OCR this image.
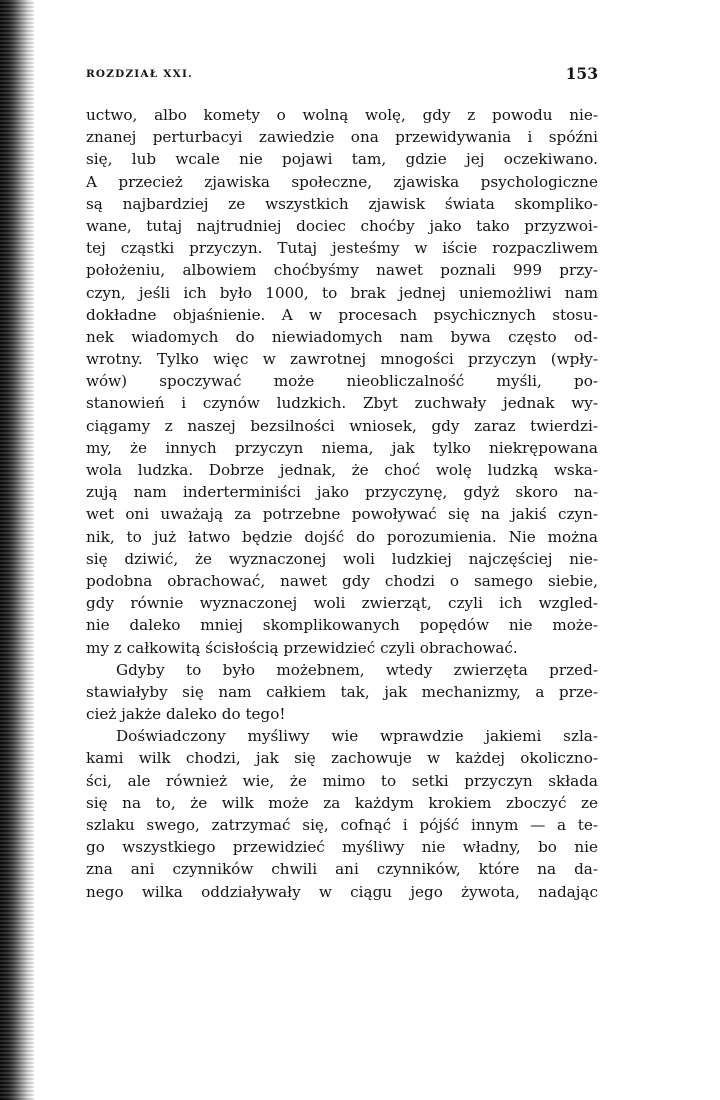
ROZDZIAŁ XXI.	153
uctwo, albo komety o wolną wolę, gdy z powodu nie-
znanej perturbacyi zawiedzie ona przewidywania i spóźni
się, lub wcale nie pojawi tam, gdzie jej oczekiwano.
A przecież zjawiska społeczne, zjawiska psychologiczne
są najbardziej ze wszystkich zjawisk świata skompliko-
wane, tutaj najtrudniej dociec choćby jako tako przyzwoi-
tej cząstki przyczyn. Tutaj jesteśmy w iście rozpaczliwem
położeniu, albowiem choćbyśmy nawet poznali 999 przy-
czyn, jeśli ich było 1000, to brak jednej uniemożliwi nam
dokładne objaśnienie. A w procesach psychicznych stosu-
nek wiadomych do niewiadomych nam bywa często od-
wrotny. Tylko więc w zawrotnej mnogości przyczyn (wpły-
wów) spoczywać może nieobliczalność myśli, po-
stanowień i czynów ludzkich. Zbyt zuchwały jednak wy-
ciągamy z naszej bezsilności wniosek, gdy zaraz twierdzi-
my, że innych przyczyn niema, jak tylko niekrępowana
wola ludzka. Dobrze jednak, że choć wolę ludzką wska-
zują nam inderterminiści jako przyczynę, gdyż skoro na-
wet oni uważają za potrzebne powoływać się na jakiś czyn-
nik, to już łatwo będzie dojść do porozumienia. Nie można
się dziwić, że wyznaczonej woli ludzkiej najczęściej nie-
podobna obrachować, nawet gdy chodzi o samego siebie,
gdy równie wyznaczonej woli zwierząt, czyli ich wzgled-
nie daleko mniej skomplikowanych popędów nie może-
my z całkowitą ścisłością przewidzieć czyli obrachować.
Gdyby to było możebnem, wtedy zwierzęta przed-
stawiałyby się nam całkiem tak, jak mechanizmy, a prze-
cież jakże daleko do tego!
Doświadczony myśliwy wie wprawdzie jakiemi szla-
kami wilk chodzi, jak się zachowuje w każdej okoliczno-
ści, ale również wie, że mimo to setki przyczyn składa
się na to, że wilk może za każdym krokiem zboczyć ze
szlaku swego, zatrzymać się, cofnąć i pójść innym — a te-
go wszystkiego przewidzieć myśliwy nie władny, bo nie
zna ani czynników chwili ani czynników, które na da-
nego wilka oddziaływały w ciągu jego żywota, nadając
